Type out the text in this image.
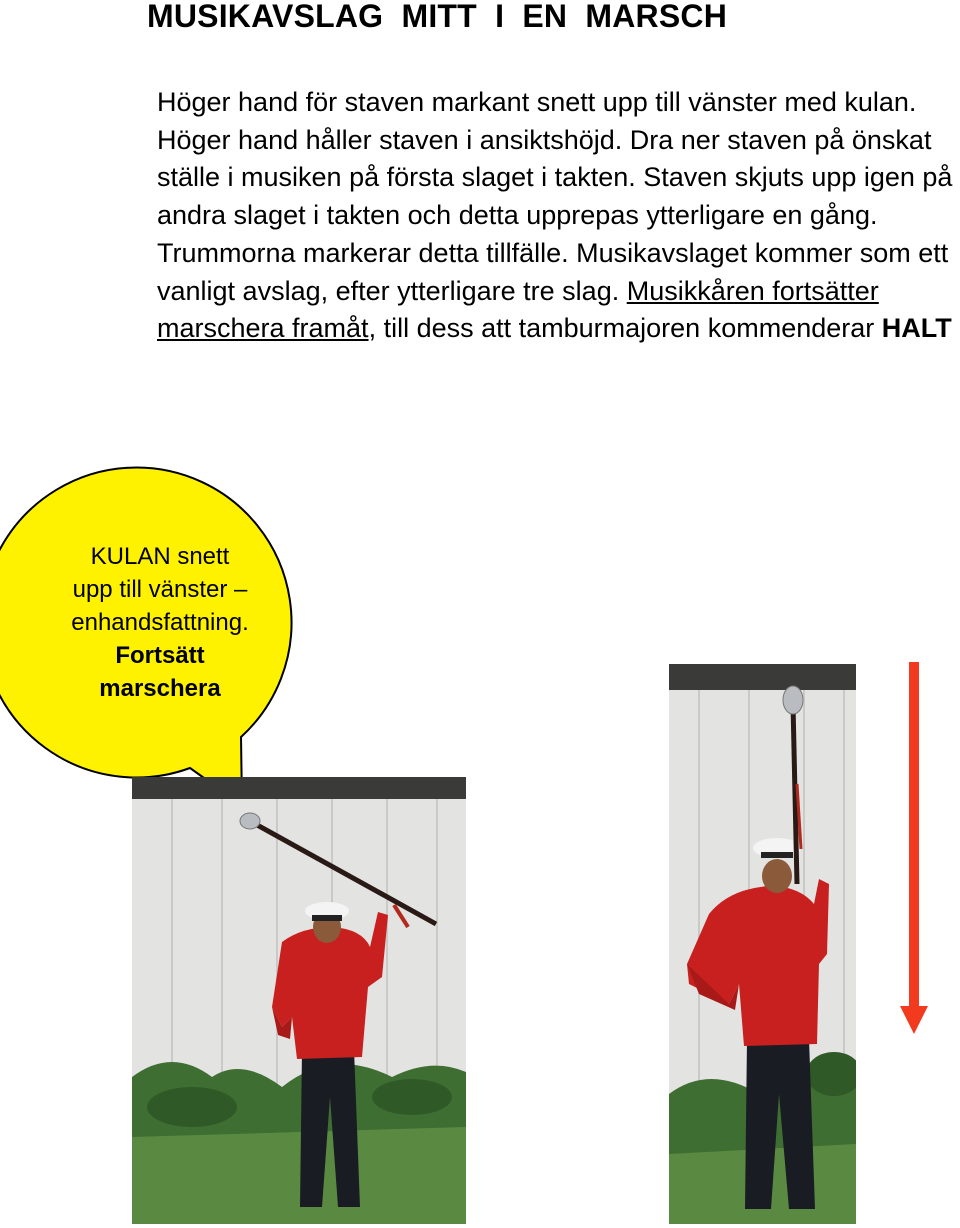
MUSIKAVSLAG  MITT  I  EN  MARSCH

Höger hand för staven markant snett upp till vänster med kulan. Höger hand håller staven i ansiktshöjd. Dra ner staven på önskat ställe i musiken på första slaget i takten. Staven skjuts upp igen på andra slaget i takten och detta upprepas ytterligare en gång. Trummorna markerar detta tillfälle. Musikavslaget kommer som ett vanligt avslag, efter ytterligare tre slag. Musikkåren fortsätter marschera framåt, till dess att tamburmajoren kommenderar HALT

KULAN snett
upp till vänster –
enhandsfattning.
Fortsätt
marschera
